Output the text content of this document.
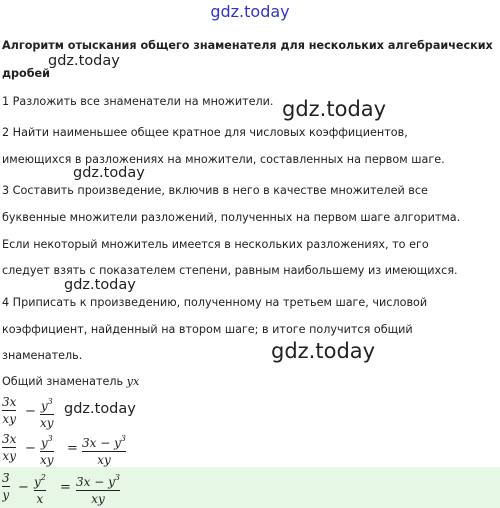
gdz.today

Алгоритм отыскания общего знаменателя для нескольких алгебраических дробей

gdz.today
1 Разложить все знаменатели на множители. gdz.today
2 Найти наименьшее общее кратное для числовых коэффициентов,
имеющихся в разложениях на множители, составленных на первом шаге.
gdz.today
3 Составить произведение, включив в него в качестве множителей все
буквенные множители разложений, полученных на первом шаге алгоритма.
Если некоторый множитель имеется в нескольких разложениях, то его
следует взять с показателем степени, равным наибольшему из имеющихся.
gdz.today
4 Приписать к произведению, полученному на третьем шаге, числовой
коэффициент, найденный на втором шаге; в итоге получится общий
знаменатель.	gdz.today
Общий знаменатель yx
3x
xy − $y^3$
xy
gdz.today
3x
xy − $y^3$
xy
= $3x - y^3$
xy
3
$y - y^2$
x
= $3x - y^3$
xy
